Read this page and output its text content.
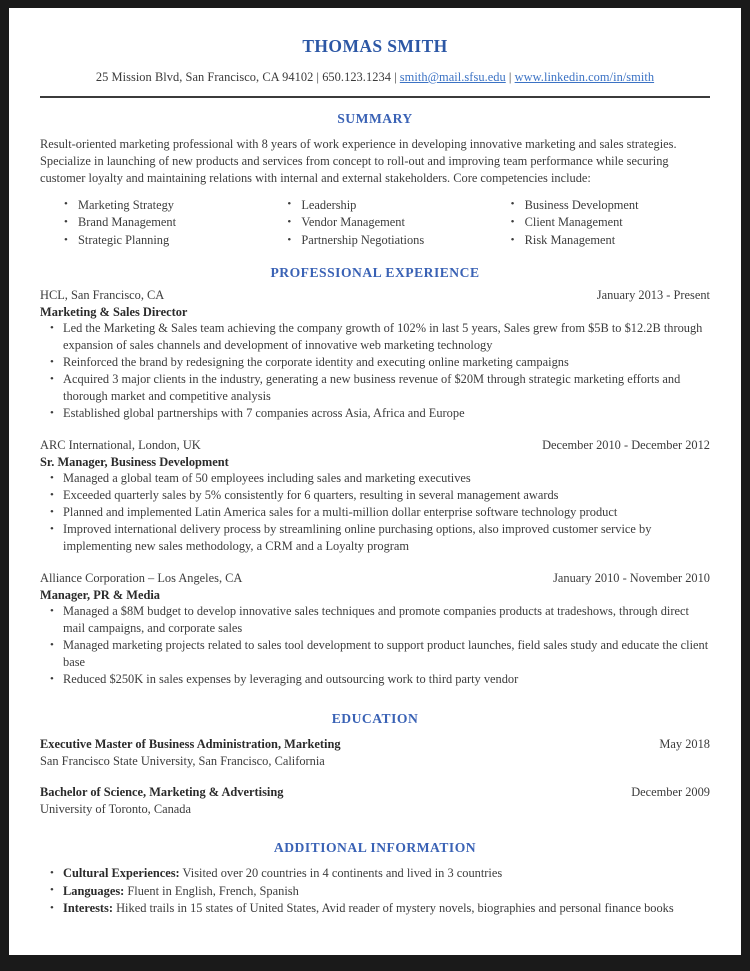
THOMAS SMITH
25 Mission Blvd, San Francisco, CA 94102 | 650.123.1234 | smith@mail.sfsu.edu | www.linkedin.com/in/smith
SUMMARY

Result-oriented marketing professional with 8 years of work experience in developing innovative marketing and sales strategies. Specialize in launching of new products and services from concept to roll-out and improving team performance while securing customer loyalty and maintaining relations with internal and external stakeholders. Core competencies include:

• Marketing Strategy
• Brand Management
• Strategic Planning
• Leadership
• Vendor Management
• Partnership Negotiations
• Business Development
• Client Management
• Risk Management
PROFESSIONAL EXPERIENCE
HCL, San Francisco, CA	January 2013 - Present
Marketing & Sales Director
• Led the Marketing & Sales team achieving the company growth of 102% in last 5 years, Sales grew from $5B to $12.2B through expansion of sales channels and development of innovative web marketing technology
• Reinforced the brand by redesigning the corporate identity and executing online marketing campaigns
• Acquired 3 major clients in the industry, generating a new business revenue of $20M through strategic marketing efforts and thorough market and competitive analysis
• Established global partnerships with 7 companies across Asia, Africa and Europe
ARC International, London, UK	December 2010 - December 2012
Sr. Manager, Business Development
• Managed a global team of 50 employees including sales and marketing executives
• Exceeded quarterly sales by 5% consistently for 6 quarters, resulting in several management awards
• Planned and implemented Latin America sales for a multi-million dollar enterprise software technology product
• Improved international delivery process by streamlining online purchasing options, also improved customer service by implementing new sales methodology, a CRM and a Loyalty program
Alliance Corporation – Los Angeles, CA	January 2010 - November 2010
Manager, PR & Media
• Managed a $8M budget to develop innovative sales techniques and promote companies products at tradeshows, through direct mail campaigns, and corporate sales
• Managed marketing projects related to sales tool development to support product launches, field sales study and educate the client base
• Reduced $250K in sales expenses by leveraging and outsourcing work to third party vendor
EDUCATION
Executive Master of Business Administration, Marketing	May 2018
San Francisco State University, San Francisco, California
Bachelor of Science, Marketing & Advertising	December 2009
University of Toronto, Canada
ADDITIONAL INFORMATION
• Cultural Experiences: Visited over 20 countries in 4 continents and lived in 3 countries
• Languages: Fluent in English, French, Spanish
• Interests: Hiked trails in 15 states of United States, Avid reader of mystery novels, biographies and personal finance books
